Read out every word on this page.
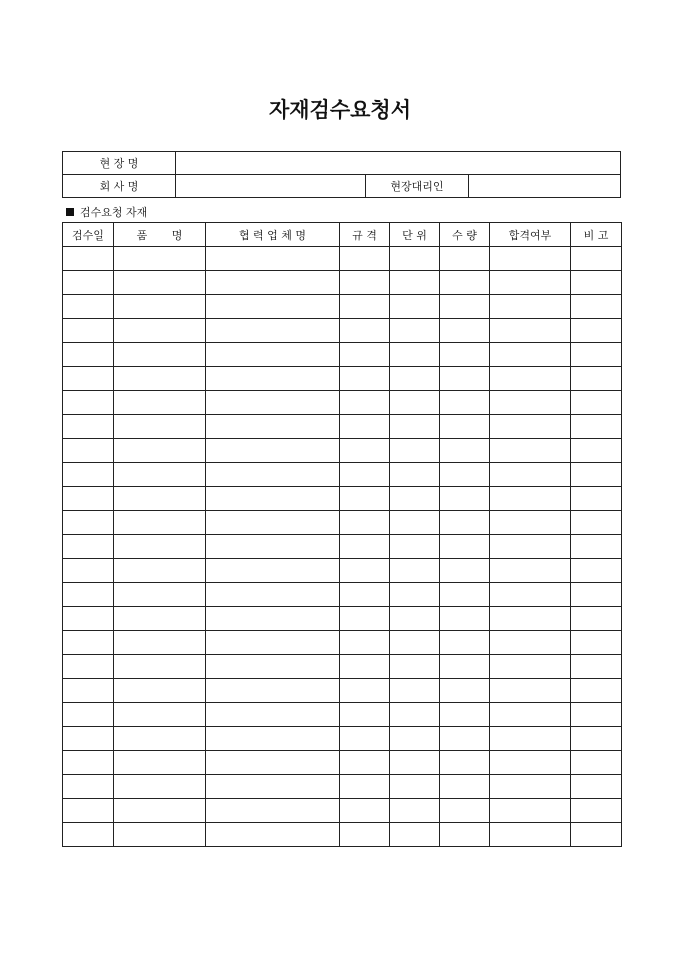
자재검수요청서
현 장 명			
회 사 명		현장대리인	
검수요청 자재
검수일	품       명	협 력 업 체 명	규 격	단 위	수 량	합격여부	비 고
